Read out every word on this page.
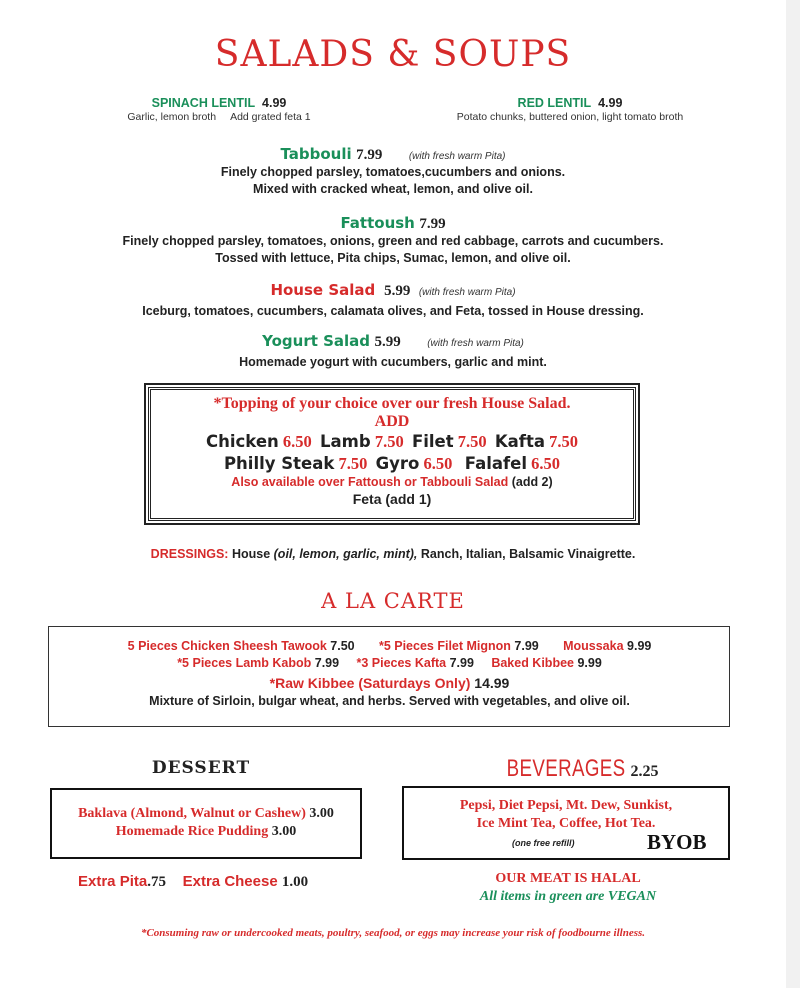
SALADS & SOUPS
SPINACH LENTIL 4.99
Garlic, lemon broth Add grated feta 1
RED LENTIL 4.99
Potato chunks, buttered onion, light tomato broth
Tabbouli 7.99	(with fresh warm Pita)
Finely chopped parsley, tomatoes,cucumbers and onions.
Mixed with cracked wheat, lemon, and olive oil.
Fattoush 7.99
Finely chopped parsley, tomatoes, onions, green and red cabbage, carrots and cucumbers.
Tossed with lettuce, Pita chips, Sumac, lemon, and olive oil.
House Salad 5.99 (with fresh warm Pita)
Iceburg, tomatoes, cucumbers, calamata olives, and Feta, tossed in House dressing.
Yogurt Salad 5.99	(with fresh warm Pita)
Homemade yogurt with cucumbers, garlic and mint.
*Topping of your choice over our fresh House Salad.
ADD
Chicken 6.50 Lamb 7.50 Filet 7.50 Kafta 7.50
Philly Steak 7.50 Gyro 6.50 Falafel 6.50
Also available over Fattoush or Tabbouli Salad (add 2)
Feta (add 1)
DRESSINGS: House (oil, lemon, garlic, mint), Ranch, Italian, Balsamic Vinaigrette.
A LA CARTE
5 Pieces Chicken Sheesh Tawook 7.50 *5 Pieces Filet Mignon 7.99 Moussaka 9.99
*5 Pieces Lamb Kabob 7.99 *3 Pieces Kafta 7.99 Baked Kibbee 9.99
*Raw Kibbee (Saturdays Only) 14.99
Mixture of Sirloin, bulgar wheat, and herbs. Served with vegetables, and olive oil.
DESSERT
Baklava (Almond, Walnut or Cashew) 3.00
Homemade Rice Pudding 3.00
BEVERAGES 2.25
Pepsi, Diet Pepsi, Mt. Dew, Sunkist,
Ice Mint Tea, Coffee, Hot Tea.
(one free refill)	BYOB
Extra Pita.75 Extra Cheese 1.00	OUR MEAT IS HALAL
All items in green are VEGAN
*Consuming raw or undercooked meats, poultry, seafood, or eggs may increase your risk of foodbourne illness.
